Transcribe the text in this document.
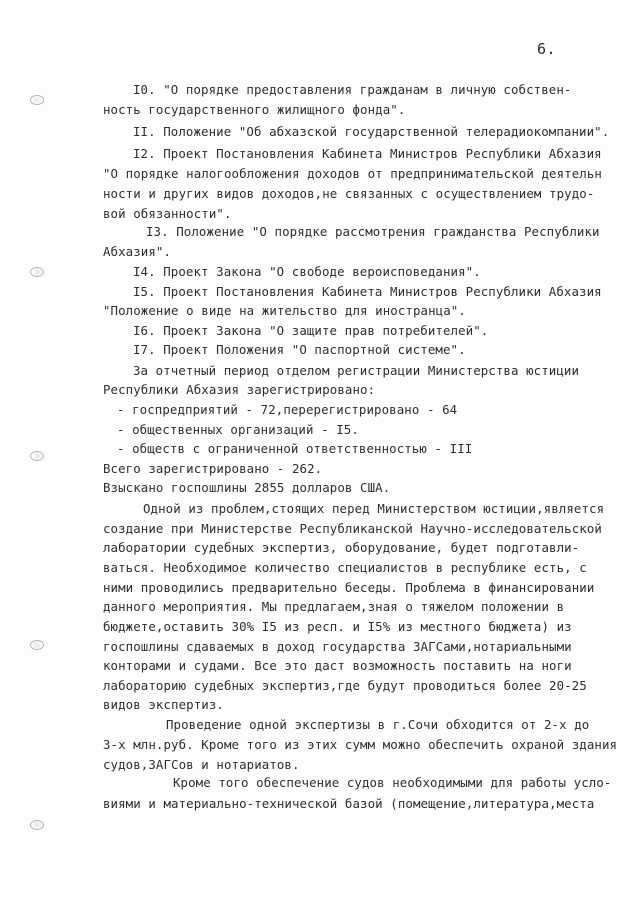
6.
I0. "О порядке предоставления гражданам в личную собствен-
ность государственного жилищного фонда".
II. Положение "Об абхазской государственной телерадиокомпании".
I2. Проект Постановления Кабинета Министров Республики Абхазия
"О порядке налогообложения доходов от предпринимательской деятельн
ности и других видов доходов,не связанных с осуществлением трудо-
вой обязанности".
I3. Положение "О порядке рассмотрения гражданства Республики
Абхазия".
I4. Проект Закона "О свободе вероисповедания".
I5. Проект Постановления Кабинета Министров Республики Абхазия
"Положение о виде на жительство для иностранца".
I6. Проект Закона "О защите прав потребителей".
I7. Проект Положения "О паспортной системе".
За отчетный период отделом регистрации Министерства юстиции
Республики Абхазия зарегистрировано:
- госпредприятий - 72,перерегистрировано - 64
- общественных организаций - I5.
- обществ с ограниченной ответственностью - III
Всего зарегистрировано - 262.
Взыскано госпошлины 2855 долларов США.
Одной из проблем,стоящих перед Министерством юстиции,является
создание при Министерстве Республиканской Научно-исследовательской
лаборатории судебных экспертиз, оборудование, будет подготавли-
ваться. Необходимое количество специалистов в республике есть, с
ними проводились предварительно беседы. Проблема в финансировании
данного мероприятия. Мы предлагаем,зная о тяжелом положении в
бюджете,оставить 30% I5 из респ. и I5% из местного бюджета) из
госпошлины сдаваемых в доход государства ЗАГСами,нотариальными
конторами и судами. Все это даст возможность поставить на ноги
лабораторию судебных экспертиз,где будут проводиться более 20-25
видов экспертиз.
Проведение одной экспертизы в г.Сочи обходится от 2-х до
3-х млн.руб. Кроме того из этих сумм можно обеспечить охраной здания
судов,ЗАГСов и нотариатов.
Кроме того обеспечение судов необходимыми для работы усло-
виями и материально-технической базой (помещение,литература,места
